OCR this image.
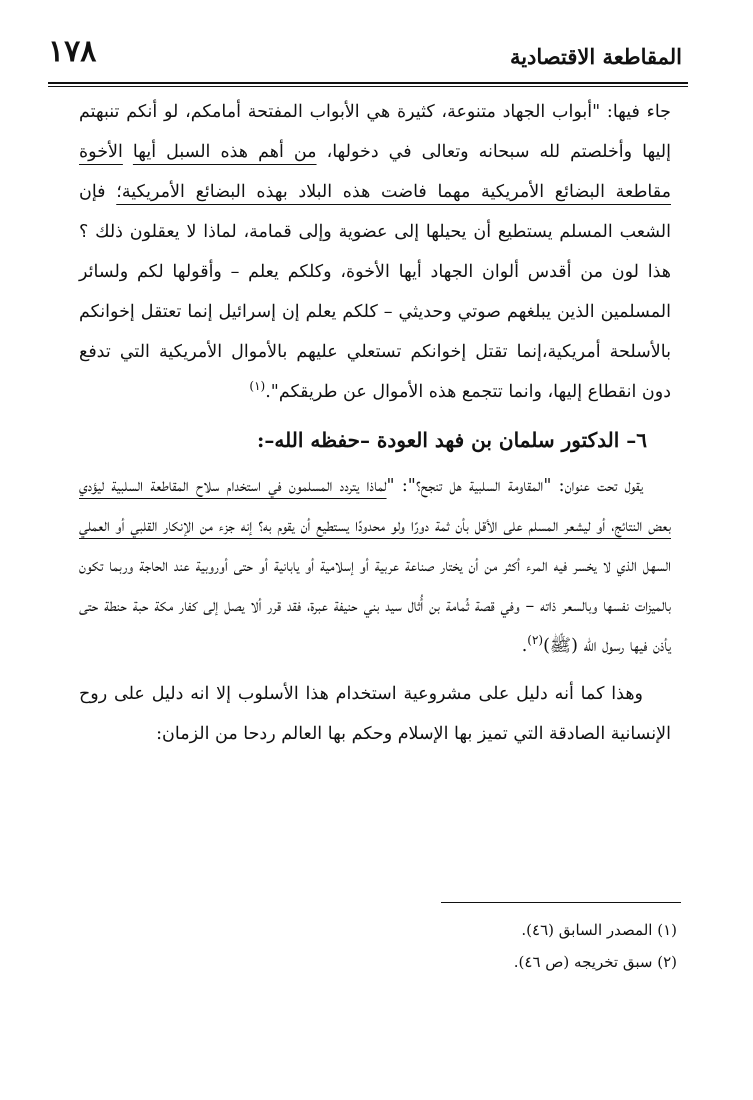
١٧٨	المقاطعة الاقتصادية

جاء فيها: "أبواب الجهاد متنوعة، كثيرة هي الأبواب المفتحة أمامكم، لو أنكم تنبهتم إليها وأخلصتم لله سبحانه وتعالى في دخولها، من أهم هذه السبل أيها الأخوة مقاطعة البضائع الأمريكية مهما فاضت هذه البلاد بهذه البضائع الأمريكية؛ فإن الشعب المسلم يستطيع أن يحيلها إلى عضوية وإلى قمامة، لماذا لا يعقلون ذلك ؟ هذا لون من أقدس ألوان الجهاد أيها الأخوة، وكلكم يعلم – وأقولها لكم ولسائر المسلمين الذين يبلغهم صوتي وحديثي – كلكم يعلم إن إسرائيل إنما تعتقل إخوانكم بالأسلحة أمريكية،إنما تقتل إخوانكم تستعلي عليهم بالأموال الأمريكية التي تدفع دون انقطاع إليها، وانما تتجمع هذه الأموال عن طريقكم".$^{(١)}$

٦– الدكتور سلمان بن فهد العودة –حفظه الله–:

يقول تحت عنوان: "المقاومة السلبية هل تنجح؟": "لماذا يتردد المسلمون في استخدام سلاح المقاطعة السلبية ليؤدي بعض النتائج، أو ليشعر المسلم على الأقل بأن ثمة دورًا ولو محدودًا يستطيع أن يقوم به؟ إنه جزء من الإنكار القلبي أو العملي السهل الذي لا يخسر فيه المرء أكثر من أن يختار صناعة عربية أو إسلامية أو يابانية أو حتى أوروبية عند الحاجة وربما تكون بالميزات نفسها وبالسعر ذاته – وفي قصة ثُمامة بن أُثال سيد بني حنيفة عبرة، فقد قرر ألا يصل إلى كفار مكة حبة حنطة حتى يأذن فيها رسول الله (ﷺ)$^{(٢)}$.

وهذا كما أنه دليل على مشروعية استخدام هذا الأسلوب إلا انه دليل على روح الإنسانية الصادقة التي تميز بها الإسلام وحكم بها العالم ردحا من الزمان:

(١) المصدر السابق (٤٦).

(٢) سبق تخريجه (ص ٤٦).
